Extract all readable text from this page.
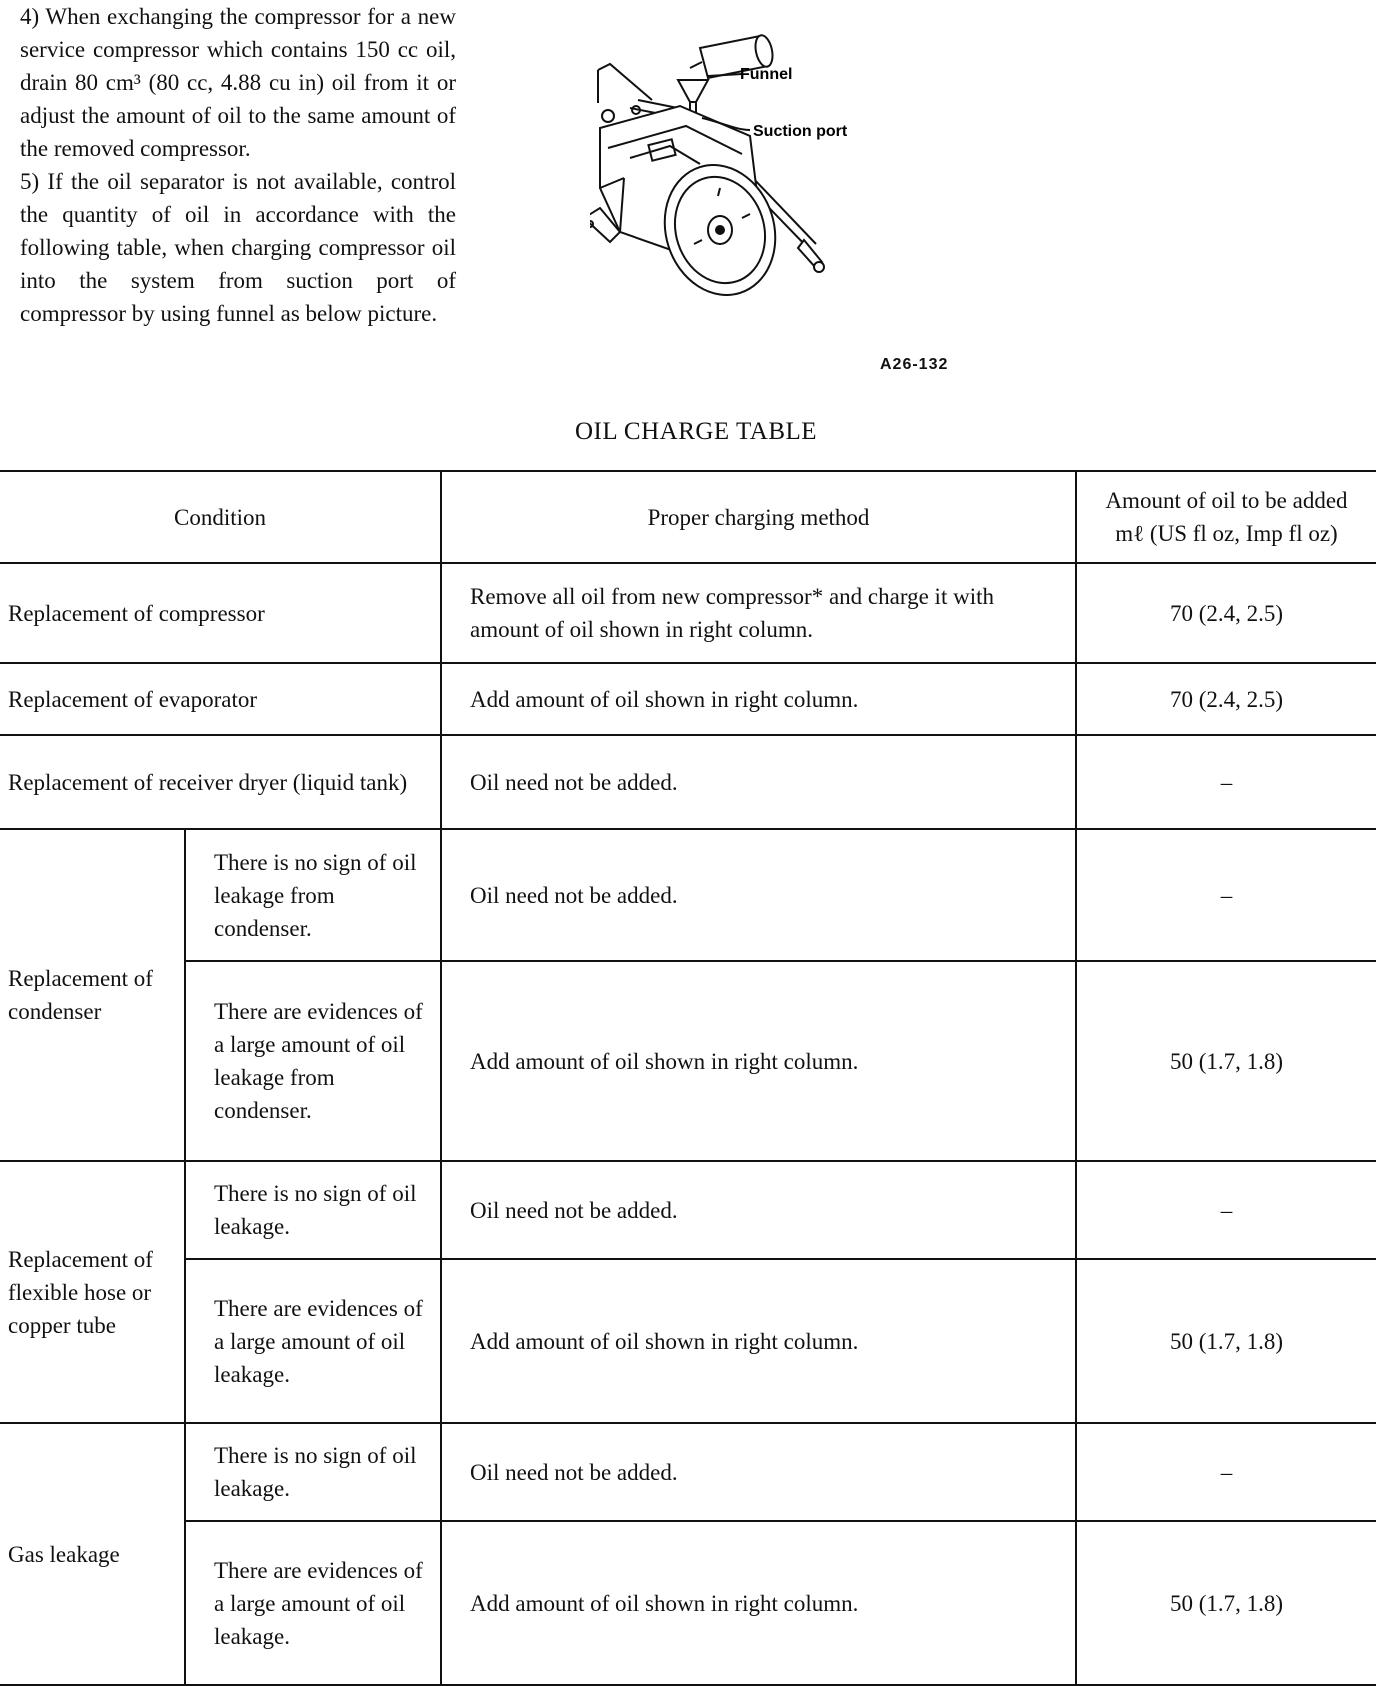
4) When exchanging the compressor for a new service compressor which contains 150 cc oil, drain 80 cm³ (80 cc, 4.88 cu in) oil from it or adjust the amount of oil to the same amount of the removed compressor.

5) If the oil separator is not available, control the quantity of oil in accordance with the following table, when charging compressor oil into the system from suction port of compressor by using funnel as below picture.

Funnel
Suction port
A26-132
OIL CHARGE TABLE
Condition		Proper charging method	Amount of oil to be added
mℓ (US fl oz, Imp fl oz)

Replacement of compressor		Remove all oil from new compressor* and charge it with amount of oil shown in right column.	70 (2.4, 2.5)
Replacement of evaporator		Add amount of oil shown in right column.	70 (2.4, 2.5)
Replacement of receiver dryer (liquid tank)		Oil need not be added.	–
Replacement of condenser	There is no sign of oil leakage from condenser.	Oil need not be added.	–
	There are evidences of a large amount of oil leakage from condenser.	Add amount of oil shown in right column.	50 (1.7, 1.8)
Replacement of flexible hose or copper tube	There is no sign of oil leakage.	Oil need not be added.	–
	There are evidences of a large amount of oil leakage.	Add amount of oil shown in right column.	50 (1.7, 1.8)
Gas leakage	There is no sign of oil leakage.	Oil need not be added.	–
	There are evidences of a large amount of oil leakage.	Add amount of oil shown in right column.	50 (1.7, 1.8)
